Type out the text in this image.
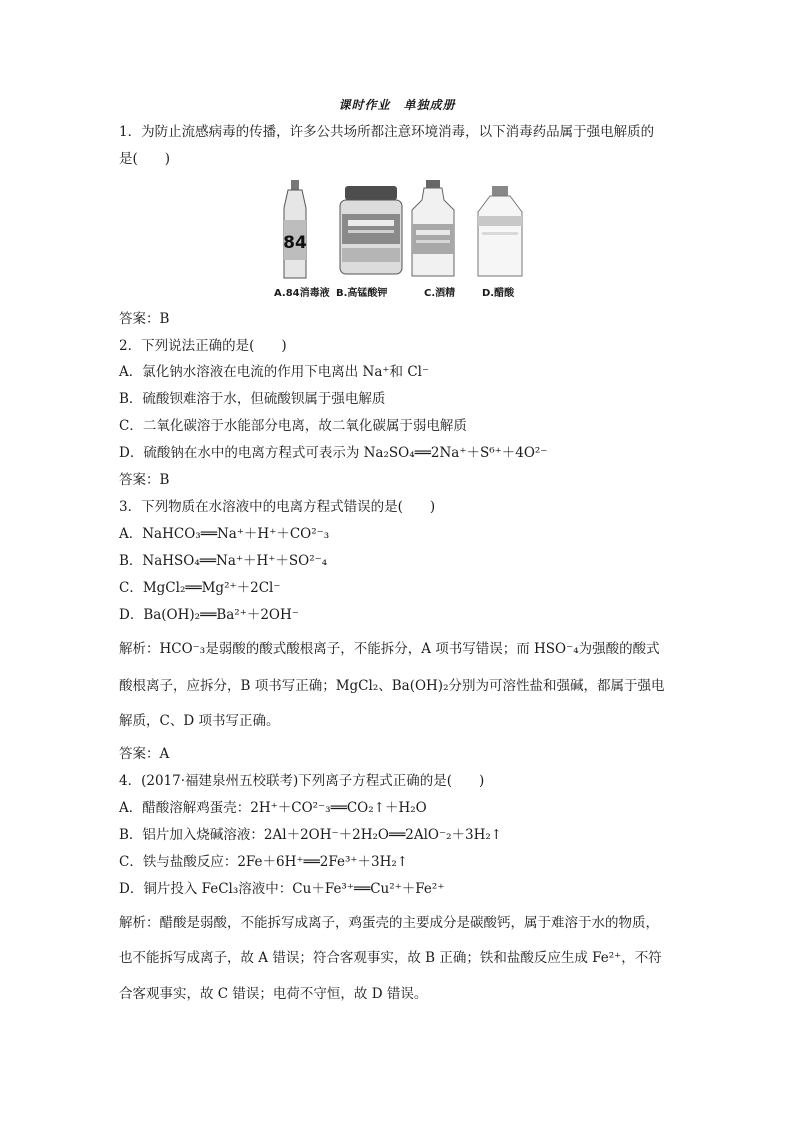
课时作业　单独成册
1．为防止流感病毒的传播，许多公共场所都注意环境消毒，以下消毒药品属于强电解质的
是(　　)
84
A.84消毒液 B.高锰酸钾	C.酒精	D.醋酸
答案：B
2．下列说法正确的是(　　)
A．氯化钠水溶液在电流的作用下电离出 Na⁺和 Cl⁻
B．硫酸钡难溶于水，但硫酸钡属于强电解质
C．二氧化碳溶于水能部分电离，故二氧化碳属于弱电解质
D．硫酸钠在水中的电离方程式可表示为 Na₂SO₄══2Na⁺＋S⁶⁺＋4O²⁻
答案：B
3．下列物质在水溶液中的电离方程式错误的是(　　)
A．NaHCO₃══Na⁺＋H⁺＋CO²⁻₃
B．NaHSO₄══Na⁺＋H⁺＋SO²⁻₄
C．MgCl₂══Mg²⁺＋2Cl⁻
D．Ba(OH)₂══Ba²⁺＋2OH⁻
解析：HCO⁻₃是弱酸的酸式酸根离子，不能拆分，A 项书写错误；而 HSO⁻₄为强酸的酸式
酸根离子，应拆分，B 项书写正确；MgCl₂、Ba(OH)₂分别为可溶性盐和强碱，都属于强电
解质，C、D 项书写正确。
答案：A
4．(2017·福建泉州五校联考)下列离子方程式正确的是(　　)
A．醋酸溶解鸡蛋壳：2H⁺＋CO²⁻₃══CO₂↑＋H₂O
B．铝片加入烧碱溶液：2Al＋2OH⁻＋2H₂O══2AlO⁻₂＋3H₂↑
C．铁与盐酸反应：2Fe＋6H⁺══2Fe³⁺＋3H₂↑
D．铜片投入 FeCl₃溶液中：Cu＋Fe³⁺══Cu²⁺＋Fe²⁺
解析：醋酸是弱酸，不能拆写成离子，鸡蛋壳的主要成分是碳酸钙，属于难溶于水的物质，
也不能拆写成离子，故 A 错误；符合客观事实，故 B 正确；铁和盐酸反应生成 Fe²⁺，不符
合客观事实，故 C 错误；电荷不守恒，故 D 错误。
